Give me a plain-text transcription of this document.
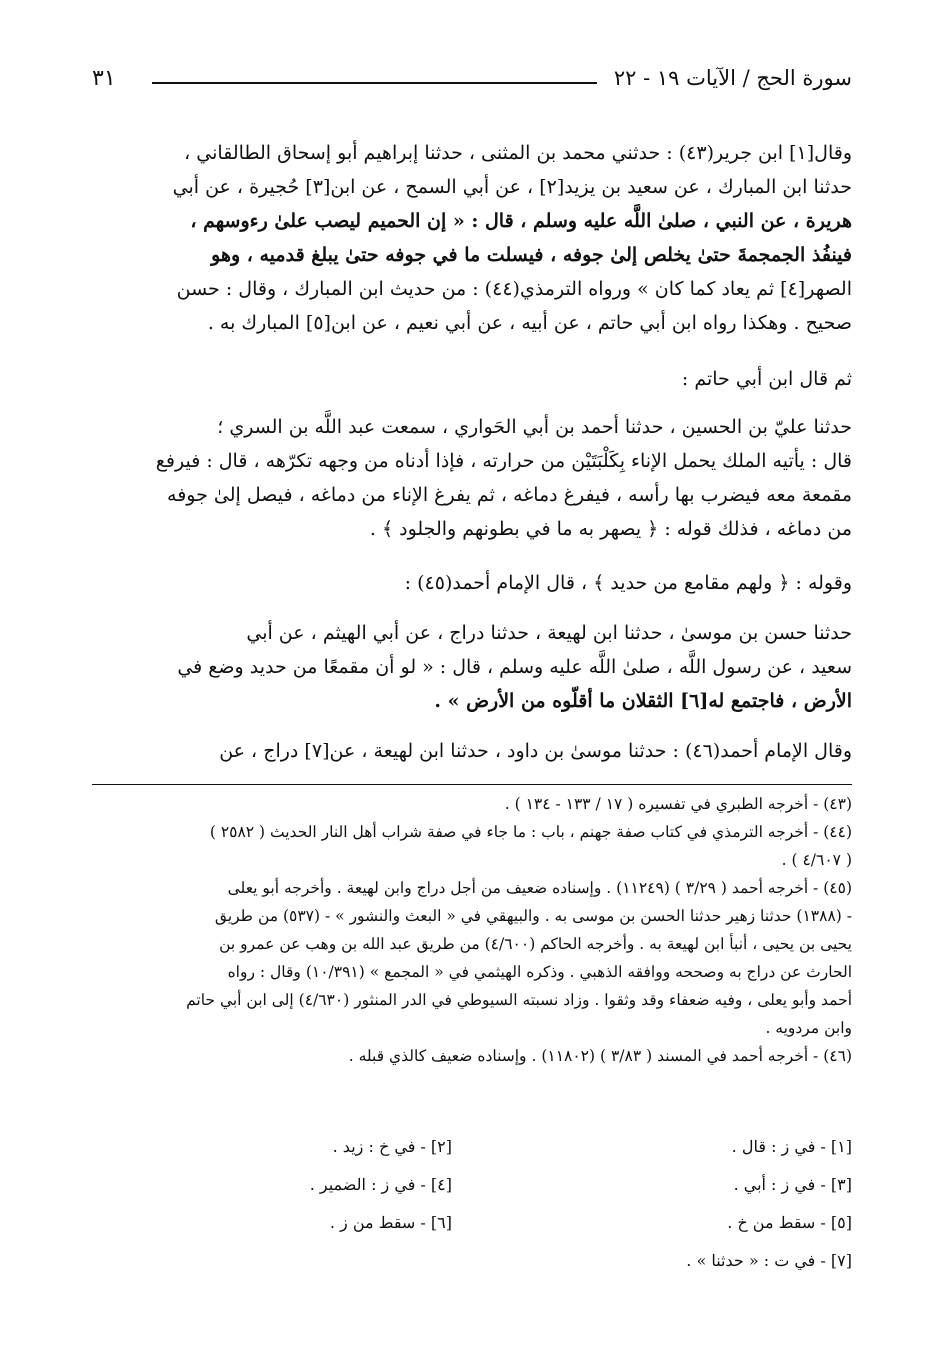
سورة الحج / الآيات ١٩ - ٢٢
٣١
وقال[١] ابن جرير(٤٣) : حدثني محمد بن المثنى ، حدثنا إبراهيم أبو إسحاق الطالقاني ،
حدثنا ابن المبارك ، عن سعيد بن يزيد[٢] ، عن أبي السمح ، عن ابن[٣] حُجيرة ، عن أبي
هريرة ، عن النبي ، صلىٰ اللَّه عليه وسلم ، قال : « إن الحميم ليصب علىٰ رءوسهم ،
فينفُذ الجمجمةَ حتىٰ يخلص إلىٰ جوفه ، فيسلت ما في جوفه حتىٰ يبلغ قدميه ، وهو
الصهر[٤] ثم يعاد كما كان » ورواه الترمذي(٤٤) : من حديث ابن المبارك ، وقال : حسن
صحيح . وهكذا رواه ابن أبي حاتم ، عن أبيه ، عن أبي نعيم ، عن ابن[٥] المبارك به .
ثم قال ابن أبي حاتم :
حدثنا عليّ بن الحسين ، حدثنا أحمد بن أبي الحَواري ، سمعت عبد اللَّه بن السري ؛
قال : يأتيه الملك يحمل الإناء بِكَلْبَتَيْن من حرارته ، فإذا أدناه من وجهه تكرّهه ، قال : فيرفع
مقمعة معه فيضرب بها رأسه ، فيفرغ دماغه ، ثم يفرغ الإناء من دماغه ، فيصل إلىٰ جوفه
من دماغه ، فذلك قوله : ﴿ يصهر به ما في بطونهم والجلود ﴾ .
وقوله : ﴿ ولهم مقامع من حديد ﴾ ، قال الإمام أحمد(٤٥) :
حدثنا حسن بن موسىٰ ، حدثنا ابن لهيعة ، حدثنا دراج ، عن أبي الهيثم ، عن أبي
سعيد ، عن رسول اللَّه ، صلىٰ اللَّه عليه وسلم ، قال : « لو أن مقمعًا من حديد وضع في
الأرض ، فاجتمع له[٦] الثقلان ما أقلّوه من الأرض » .
وقال الإمام أحمد(٤٦) : حدثنا موسىٰ بن داود ، حدثنا ابن لهيعة ، عن[٧] دراج ، عن
(٤٣) - أخرجه الطبري في تفسيره ( ١٧ / ١٣٣ - ١٣٤ ) .
(٤٤) - أخرجه الترمذي في كتاب صفة جهنم ، باب : ما جاء في صفة شراب أهل النار الحديث ( ٢٥٨٢ )
( ٤/٦٠٧ ) .
(٤٥) - أخرجه أحمد ( ٣/٢٩ ) (١١٢٤٩) . وإسناده ضعيف من أجل دراج وابن لهيعة . وأخرجه أبو يعلى
- (١٣٨٨) حدثنا زهير حدثنا الحسن بن موسى به . والبيهقي في « البعث والنشور » - (٥٣٧) من طريق
يحيى بن يحيى ، أنبأ ابن لهيعة به . وأخرجه الحاكم (٤/٦٠٠) من طريق عبد الله بن وهب عن عمرو بن
الحارث عن دراج به وصححه ووافقه الذهبي . وذكره الهيثمي في « المجمع » (١٠/٣٩١) وقال : رواه
أحمد وأبو يعلى ، وفيه ضعفاء وقد وثقوا . وزاد نسبته السيوطي في الدر المنثور (٤/٦٣٠) إلى ابن أبي حاتم
وابن مردويه .
(٤٦) - أخرجه أحمد في المسند ( ٣/٨٣ ) (١١٨٠٢) . وإسناده ضعيف كالذي قبله .
[١] - في ز : قال .
[٣] - في ز : أبي .
[٥] - سقط من خ .
[٧] - في ت : « حدثنا » .
[٢] - في خ : زيد .
[٤] - في ز : الضمير .
[٦] - سقط من ز .
